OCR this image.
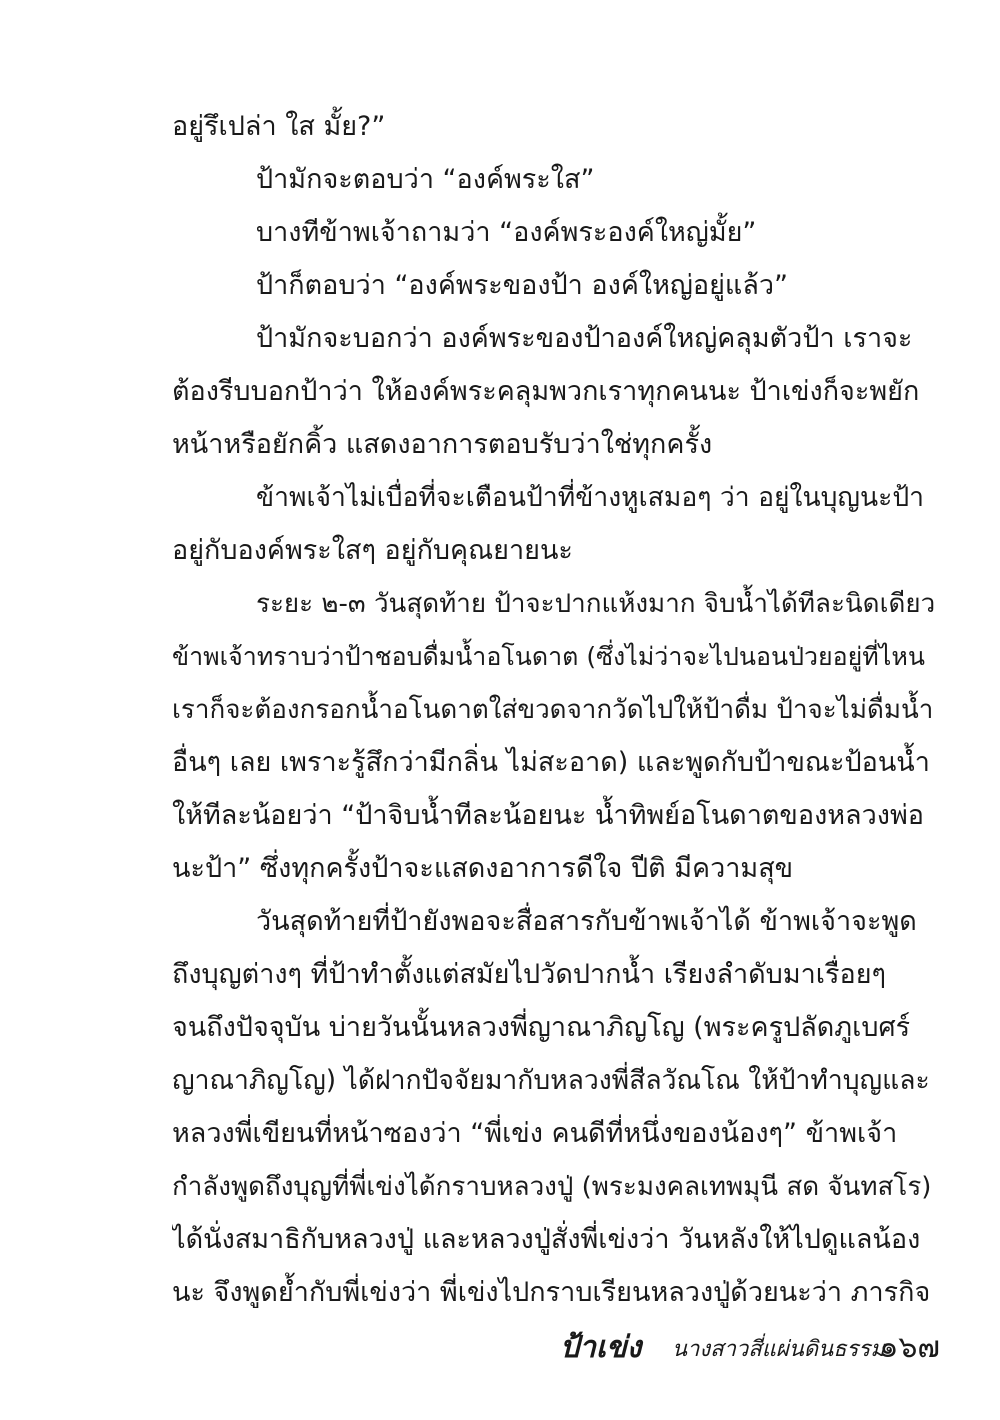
อยู่รึเปล่า ใส มั้ย?”
ป้ามักจะตอบว่า “องค์พระใส”
บางทีข้าพเจ้าถามว่า “องค์พระองค์ใหญ่มั้ย”
ป้าก็ตอบว่า “องค์พระของป้า องค์ใหญ่อยู่แล้ว”
ป้ามักจะบอกว่า องค์พระของป้าองค์ใหญ่คลุมตัวป้า เราจะ
ต้องรีบบอกป้าว่า ให้องค์พระคลุมพวกเราทุกคนนะ ป้าเข่งก็จะพยัก
หน้าหรือยักคิ้ว แสดงอาการตอบรับว่าใช่ทุกครั้ง
ข้าพเจ้าไม่เบื่อที่จะเตือนป้าที่ข้างหูเสมอๆ ว่า อยู่ในบุญนะป้า
อยู่กับองค์พระใสๆ อยู่กับคุณยายนะ
ระยะ ๒-๓ วันสุดท้าย ป้าจะปากแห้งมาก จิบน้ำได้ทีละนิดเดียว
ข้าพเจ้าทราบว่าป้าชอบดื่มน้ำอโนดาต (ซึ่งไม่ว่าจะไปนอนป่วยอยู่ที่ไหน
เราก็จะต้องกรอกน้ำอโนดาตใส่ขวดจากวัดไปให้ป้าดื่ม ป้าจะไม่ดื่มน้ำ
อื่นๆ เลย เพราะรู้สึกว่ามีกลิ่น ไม่สะอาด) และพูดกับป้าขณะป้อนน้ำ
ให้ทีละน้อยว่า “ป้าจิบน้ำทีละน้อยนะ น้ำทิพย์อโนดาตของหลวงพ่อ
นะป้า” ซึ่งทุกครั้งป้าจะแสดงอาการดีใจ ปีติ มีความสุข
วันสุดท้ายที่ป้ายังพอจะสื่อสารกับข้าพเจ้าได้ ข้าพเจ้าจะพูด
ถึงบุญต่างๆ ที่ป้าทำตั้งแต่สมัยไปวัดปากน้ำ เรียงลำดับมาเรื่อยๆ
จนถึงปัจจุบัน บ่ายวันนั้นหลวงพี่ญาณาภิญโญ (พระครูปลัดภูเบศร์
ญาณาภิญโญ) ได้ฝากปัจจัยมากับหลวงพี่สีลวัณโณ ให้ป้าทำบุญและ
หลวงพี่เขียนที่หน้าซองว่า “พี่เข่ง คนดีที่หนึ่งของน้องๆ” ข้าพเจ้า
กำลังพูดถึงบุญที่พี่เข่งได้กราบหลวงปู่ (พระมงคลเทพมุนี สด จันทสโร)
ได้นั่งสมาธิกับหลวงปู่ และหลวงปู่สั่งพี่เข่งว่า วันหลังให้ไปดูแลน้อง
นะ จึงพูดย้ำกับพี่เข่งว่า พี่เข่งไปกราบเรียนหลวงปู่ด้วยนะว่า ภารกิจ
ป้าเข่ง นางสาวสี่แผ่นดินธรรม
๑๖๗
